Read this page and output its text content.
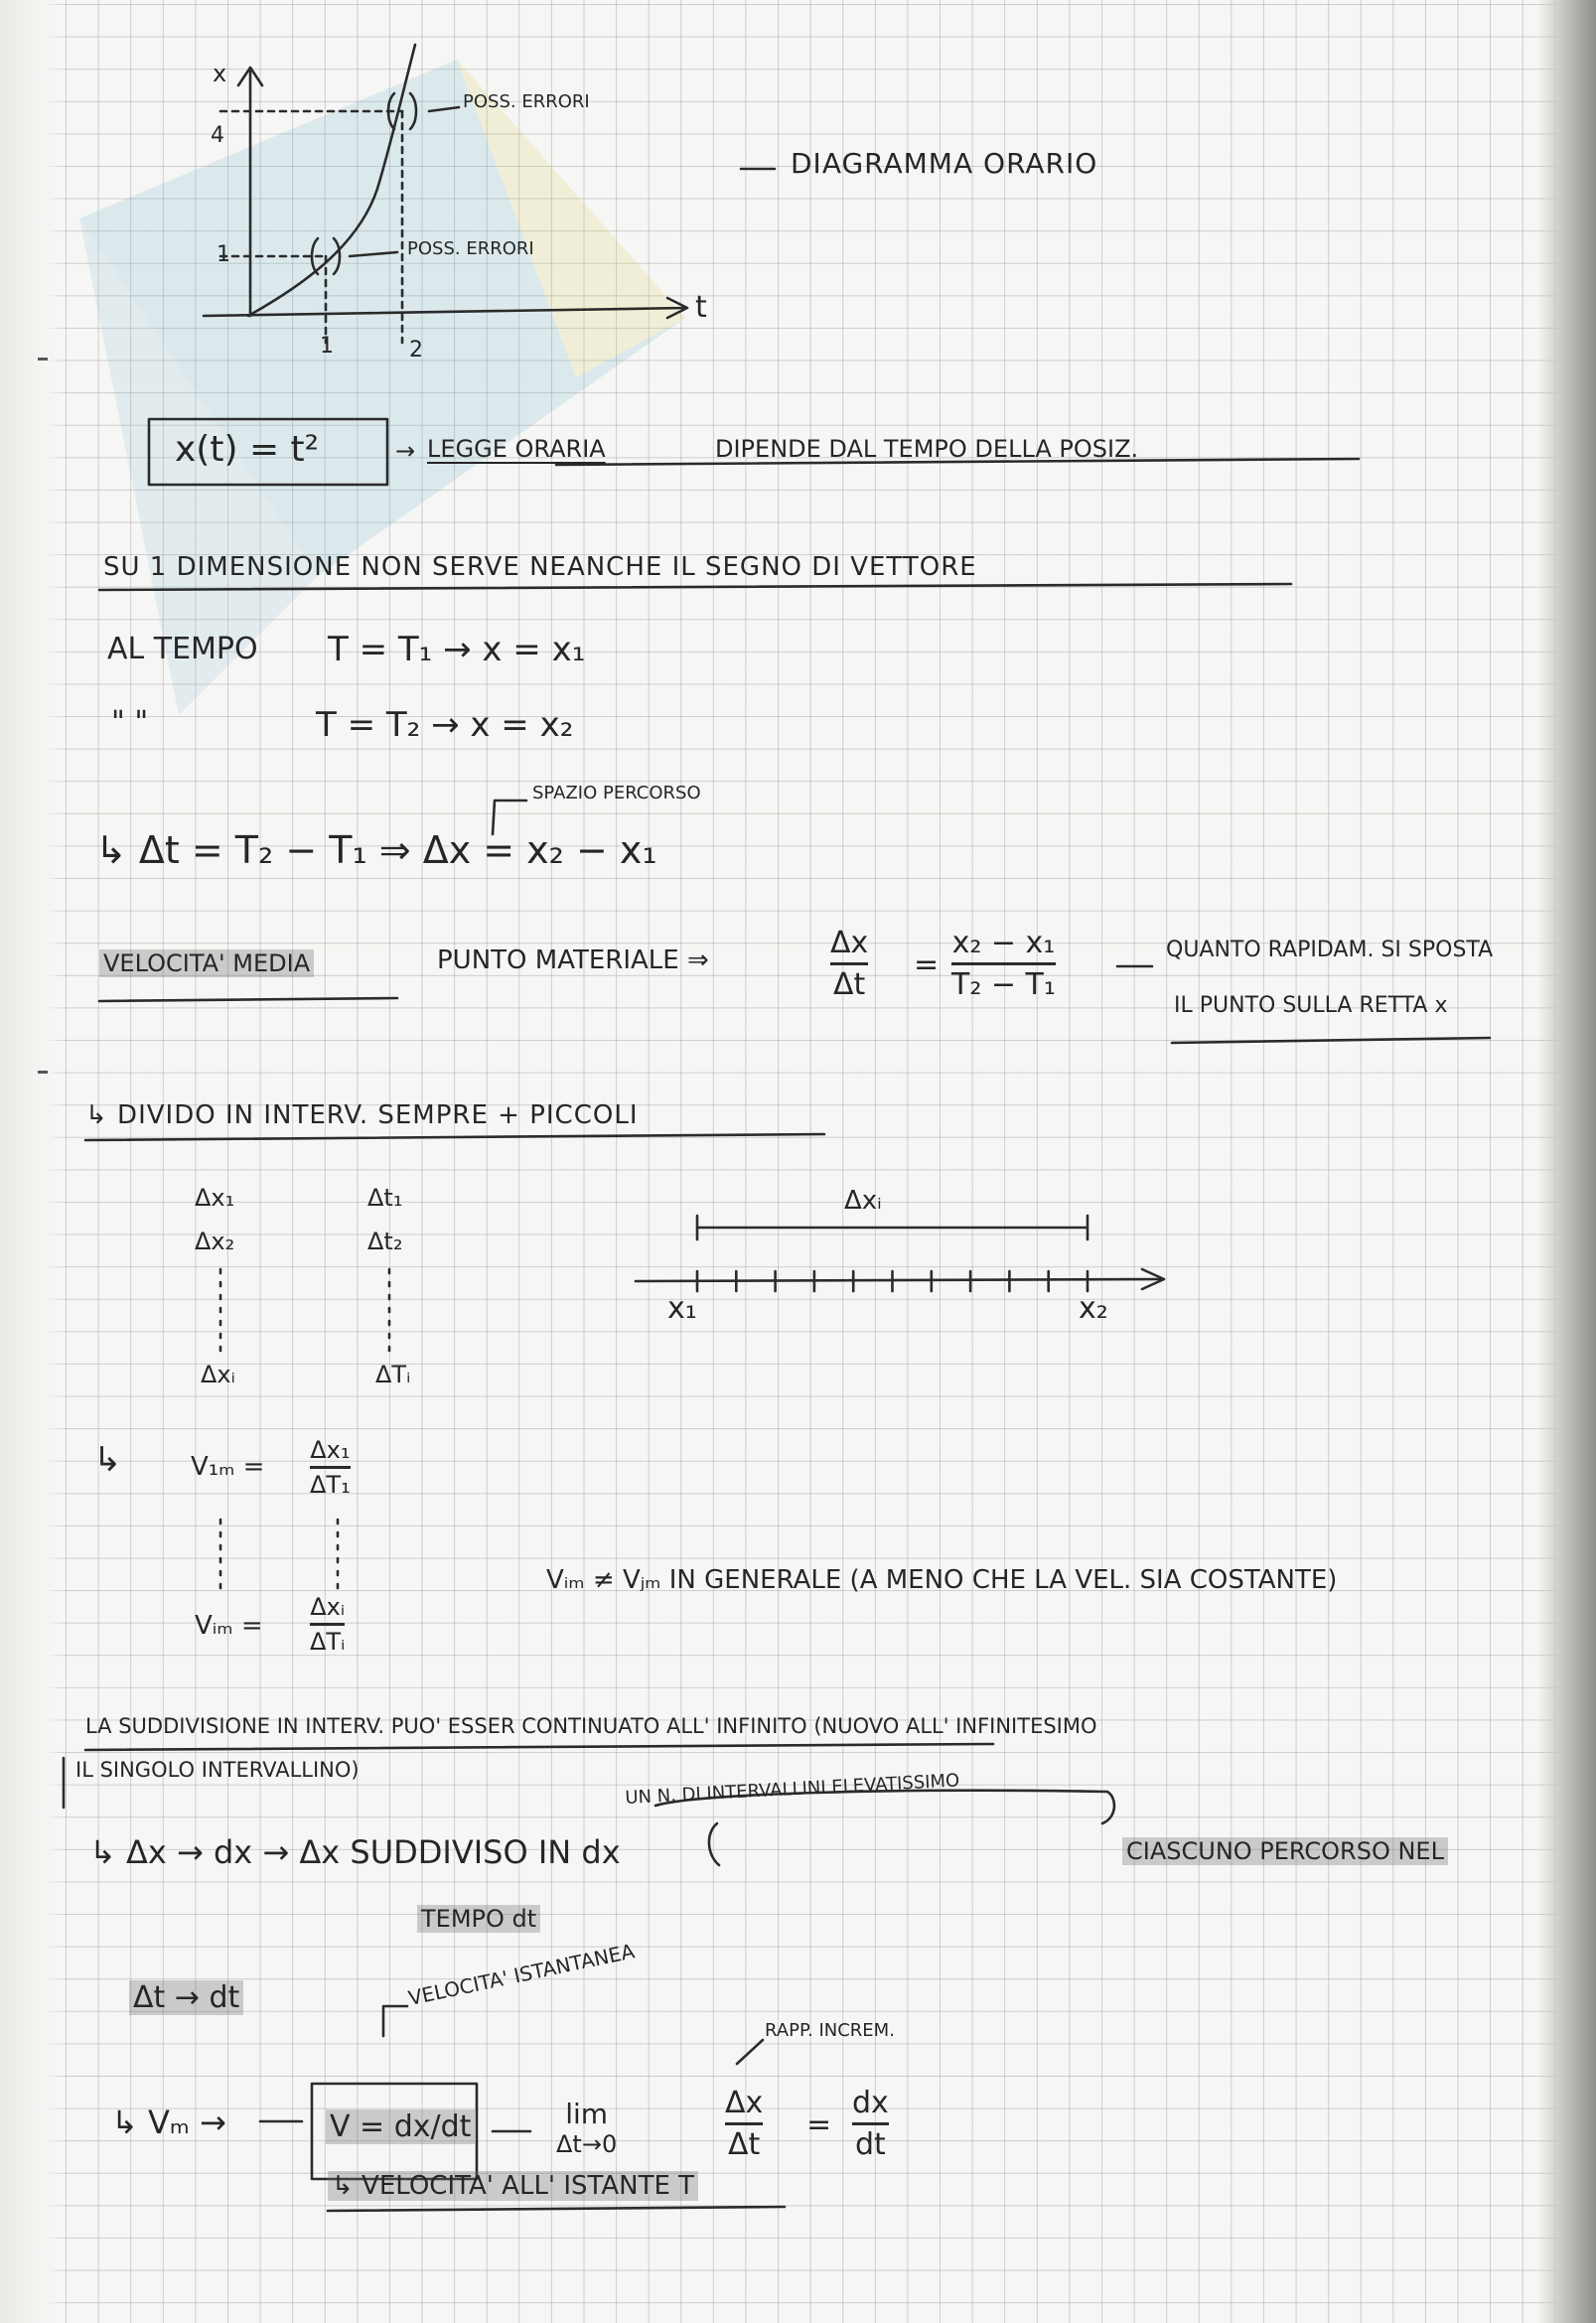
x
t
4
1
1	2
POSS. ERRORI
POSS. ERRORI
DIAGRAMMA ORARIO
x(t) = t²	→ LEGGE ORARIA	DIPENDE DAL TEMPO DELLA POSIZ.
SU 1 DIMENSIONE NON SERVE NEANCHE IL SEGNO DI VETTORE
AL TEMPO T = T₁ → x = x₁
" "	T = T₂ → x = x₂
SPAZIO PERCORSO
↳ Δt = T₂ − T₁ ⇒ Δx = x₂ − x₁
VELOCITA' MEDIA	PUNTO MATERIALE ⇒	Δx
Δt
=
x₂ − x₁
T₂ − T₁
QUANTO RAPIDAM. SI SPOSTA
IL PUNTO SULLA RETTA x
↳ DIVIDO IN INTERV. SEMPRE + PICCOLI
Δx₁
Δx₂
Δxᵢ
Δt₁
Δt₂
ΔTᵢ
Δxᵢ
x₁	x₂
↳	V₁ₘ =
Δx₁
ΔT₁
Vᵢₘ =
Δxᵢ
ΔTᵢ
Vᵢₘ ≠ Vⱼₘ IN GENERALE (A MENO CHE LA VEL. SIA COSTANTE)
LA SUDDIVISIONE IN INTERV. PUO' ESSER CONTINUATO ALL' INFINITO (NUOVO ALL' INFINITESIMO
IL SINGOLO INTERVALLINO)
UN N. DI INTERVALLINI ELEVATISSIMO
↳ Δx → dx → Δx SUDDIVISO IN dx	CIASCUNO PERCORSO NEL
TEMPO dt
Δt → dt	VELOCITA' ISTANTANEA
RAPP. INCREM.
↳ Vₘ →	V = dx/dt	lim
Δt→0
Δx
Δt
=
dx
dt
↳ VELOCITA' ALL' ISTANTE T
